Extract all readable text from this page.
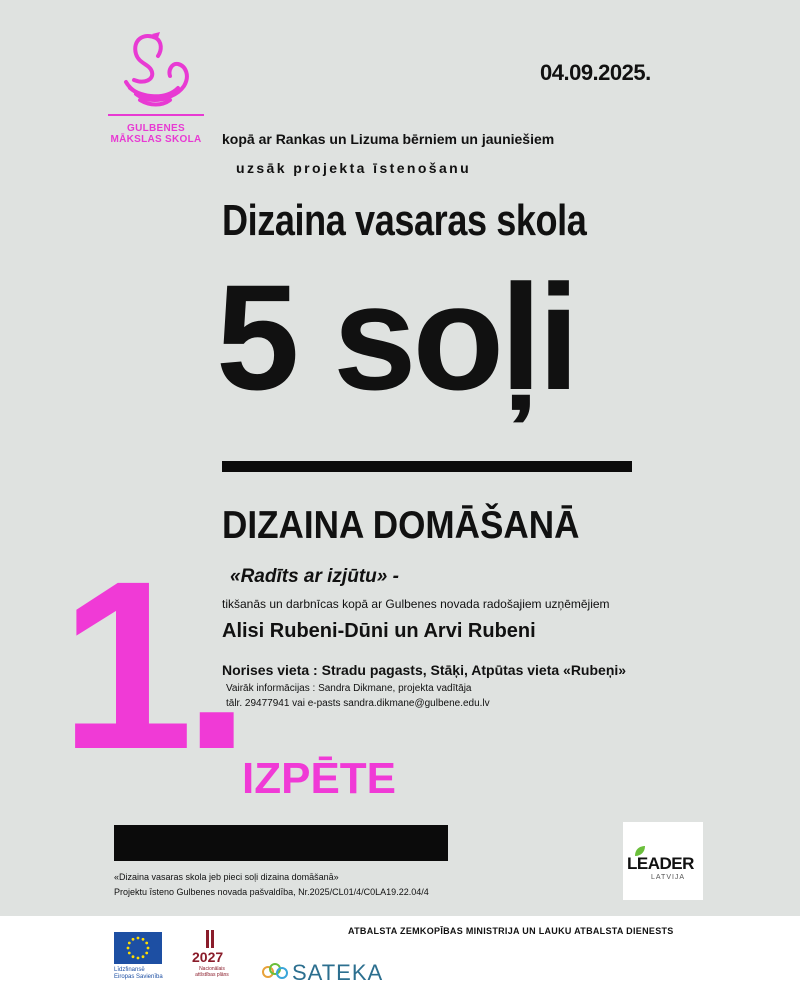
GULBENES
MĀKSLAS SKOLA
04.09.2025.
kopā ar Rankas un Lizuma bērniem un jauniešiem
uzsāk projekta īstenošanu
Dizaina vasaras skola
5 soļi
DIZAINA DOMĀŠANĀ
1.
«Radīts ar izjūtu» -
tikšanās un darbnīcas kopā ar Gulbenes novada radošajiem uzņēmējiem
Alisi Rubeni-Dūni un Arvi Rubeni
Norises vieta : Stradu pagasts, Stāķi, Atpūtas vieta «Rubeņi»
Vairāk informācijas : Sandra Dikmane, projekta vadītāja
tālr. 29477941 vai e-pasts sandra.dikmane@gulbene.edu.lv
IZPĒTE
«Dizaina vasaras skola jeb pieci soļi dizaina domāšanā»
Projektu īsteno Gulbenes novada pašvaldība, Nr.2025/CL01/4/C0LA19.22.04/4
LEADER
LATVIJA
ATBALSTA ZEMKOPĪBAS MINISTRIJA UN LAUKU ATBALSTA DIENESTS
Līdzfinansē
Eiropas Savienība
2027
Nacionālais
attīstības plāns	SATEKA
